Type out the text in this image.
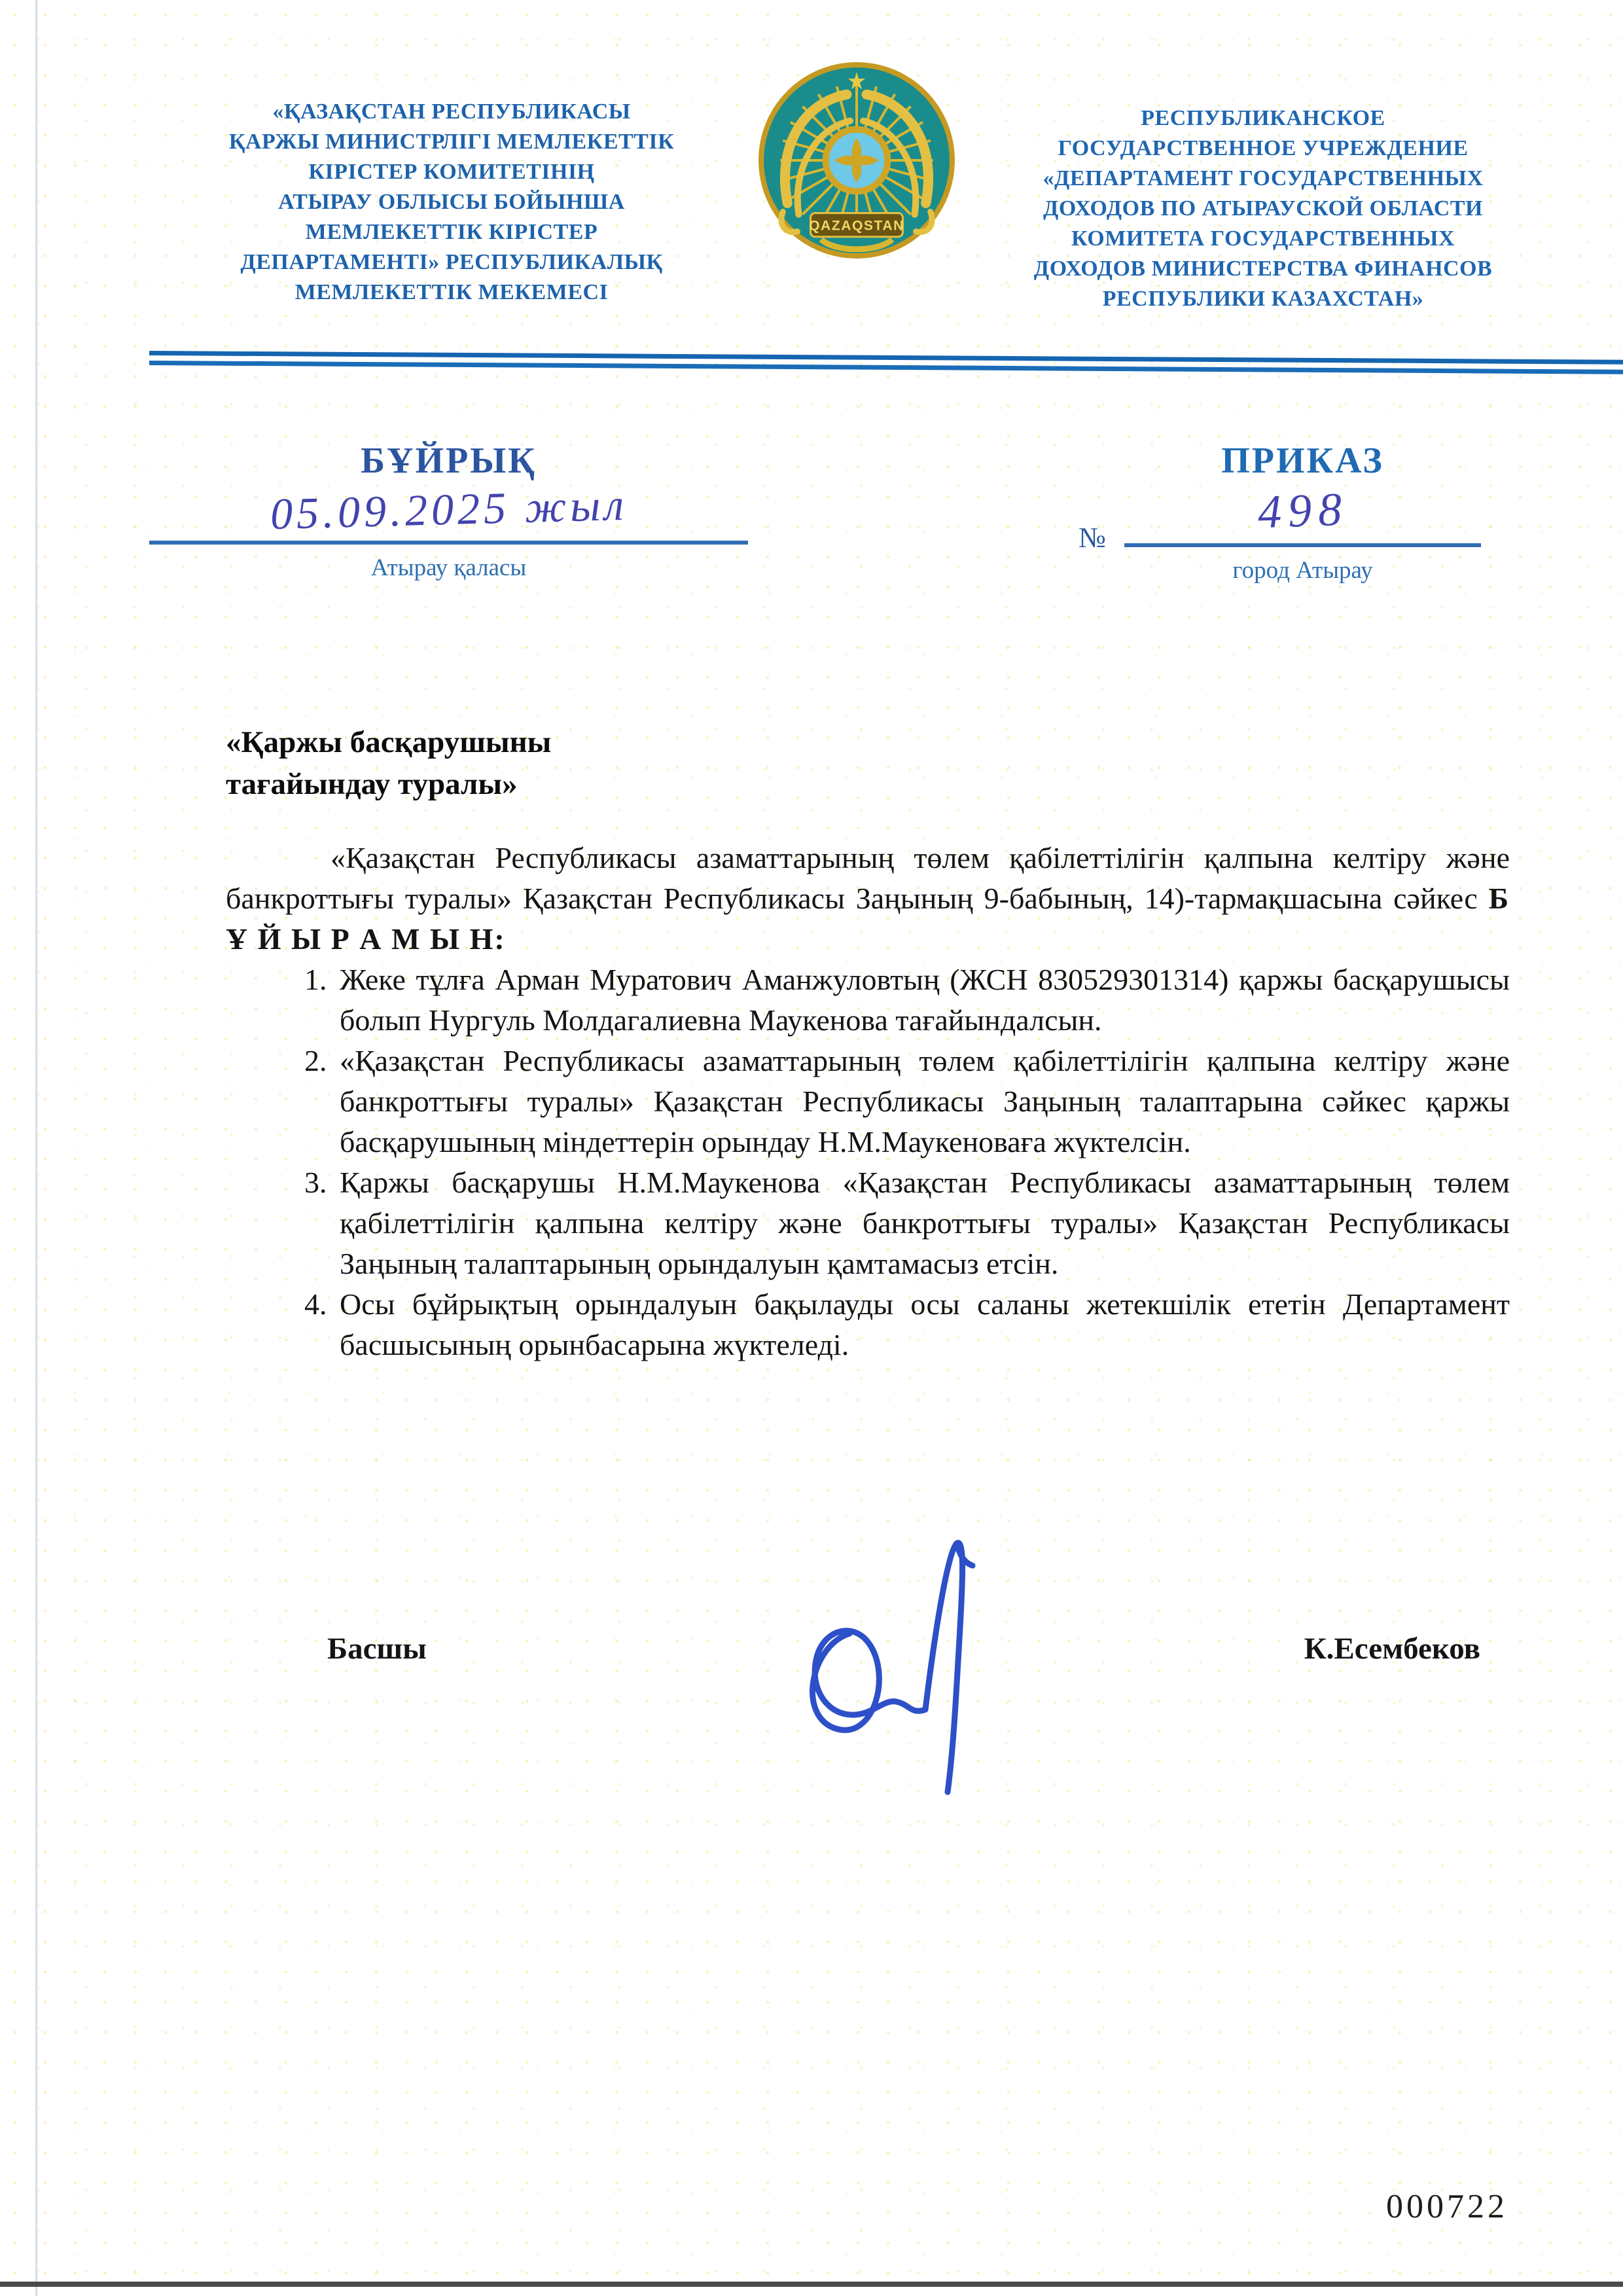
«ҚАЗАҚСТАН РЕСПУБЛИКАСЫ
ҚАРЖЫ МИНИСТРЛІГІ МЕМЛЕКЕТТІК
КІРІСТЕР КОМИТЕТІНІҢ
АТЫРАУ ОБЛЫСЫ БОЙЫНША
МЕМЛЕКЕТТІК КІРІСТЕР
ДЕПАРТАМЕНТІ» РЕСПУБЛИКАЛЫҚ
МЕМЛЕКЕТТІК МЕКЕМЕСІ
QAZAQSTAN
РЕСПУБЛИКАНСКОЕ
ГОСУДАРСТВЕННОЕ УЧРЕЖДЕНИЕ
«ДЕПАРТАМЕНТ ГОСУДАРСТВЕННЫХ
ДОХОДОВ ПО АТЫРАУСКОЙ ОБЛАСТИ
КОМИТЕТА ГОСУДАРСТВЕННЫХ
ДОХОДОВ МИНИСТЕРСТВА ФИНАНСОВ
РЕСПУБЛИКИ КАЗАХСТАН»
БҰЙРЫҚ	ПРИКАЗ
05.09.2025 жыл
Атырау қаласы
№	498
город Атырау
«Қаржы басқарушыны
тағайындау туралы»

«Қазақстан Республикасы азаматтарының төлем қабілеттілігін қалпына келтіру және банкроттығы туралы» Қазақстан Республикасы Заңының 9-бабының, 14)-тармақшасына сәйкес Б Ұ Й Ы Р А М Ы Н:

1. Жеке тұлға Арман Муратович Аманжуловтың (ЖСН 830529301314) қаржы басқарушысы болып Нургуль Молдагалиевна Маукенова тағайындалсын.
2. «Қазақстан Республикасы азаматтарының төлем қабілеттілігін қалпына келтіру және банкроттығы туралы» Қазақстан Республикасы Заңының талаптарына сәйкес қаржы басқарушының міндеттерін орындау Н.М.Маукеноваға жүктелсін.
3. Қаржы басқарушы Н.М.Маукенова «Қазақстан Республикасы азаматтарының төлем қабілеттілігін қалпына келтіру және банкроттығы туралы» Қазақстан Республикасы Заңының талаптарының орындалуын қамтамасыз етсін.
4. Осы бұйрықтың орындалуын бақылауды осы саланы жетекшілік ететін Департамент басшысының орынбасарына жүктеледі.
Басшы	К.Есембеков
000722
